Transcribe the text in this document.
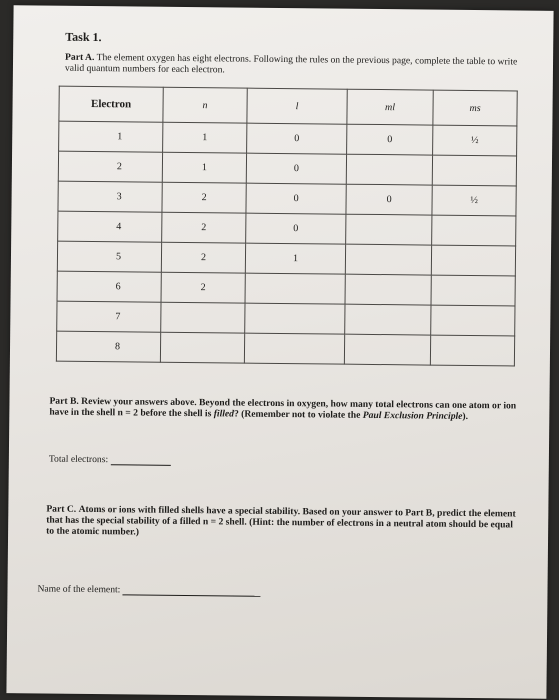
Task 1.
Part A. The element oxygen has eight electrons. Following the rules on the previous page, complete the table to write valid quantum numbers for each electron.
Electron	n	l	ml	ms
1	1	0	0	½
2	1	0		
3	2	0	0	½
4	2	0		
5	2	1		
6	2			
7				
8				
Part B. Review your answers above. Beyond the electrons in oxygen, how many total electrons can one atom or ion have in the shell n = 2 before the shell is filled? (Remember not to violate the Paul Exclusion Principle).
Total electrons:
Part C. Atoms or ions with filled shells have a special stability. Based on your answer to Part B, predict the element that has the special stability of a filled n = 2 shell. (Hint: the number of electrons in a neutral atom should be equal to the atomic number.)
Name of the element:
